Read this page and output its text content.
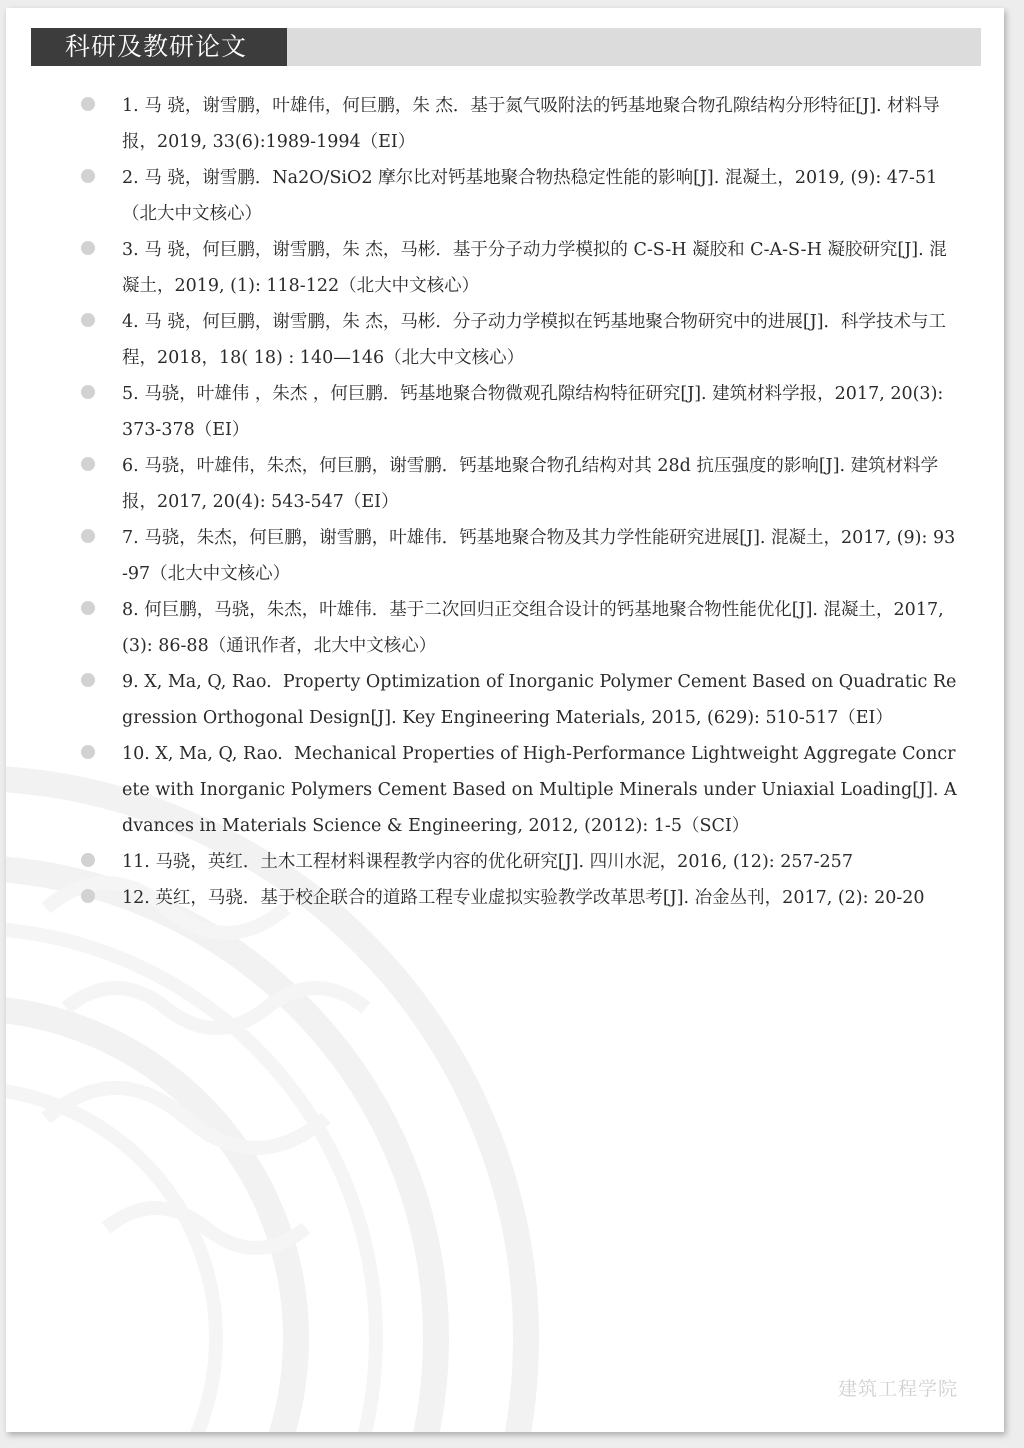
科研及教研论文
1. 马 骁，谢雪鹏，叶雄伟，何巨鹏，朱 杰．基于氮气吸附法的钙基地聚合物孔隙结构分形特征[J]. 材料导报，2019, 33(6):1989-1994（EI）
2. 马 骁，谢雪鹏．Na2O/SiO2 摩尔比对钙基地聚合物热稳定性能的影响[J]. 混凝土，2019, (9): 47-51（北大中文核心）
3. 马 骁，何巨鹏，谢雪鹏，朱 杰，马彬．基于分子动力学模拟的 C-S-H 凝胶和 C-A-S-H 凝胶研究[J]. 混凝土，2019, (1): 118-122（北大中文核心）
4. 马 骁，何巨鹏，谢雪鹏，朱 杰，马彬．分子动力学模拟在钙基地聚合物研究中的进展[J]．科学技术与工程，2018，18( 18) : 140—146（北大中文核心）
5. 马骁，叶雄伟 ，朱杰 ，何巨鹏．钙基地聚合物微观孔隙结构特征研究[J]. 建筑材料学报，2017, 20(3): 373-378（EI）
6. 马骁，叶雄伟，朱杰，何巨鹏，谢雪鹏．钙基地聚合物孔结构对其 28d 抗压强度的影响[J]. 建筑材料学报，2017, 20(4): 543-547（EI）
7. 马骁，朱杰，何巨鹏，谢雪鹏，叶雄伟．钙基地聚合物及其力学性能研究进展[J]. 混凝土，2017, (9): 93-97（北大中文核心）
8. 何巨鹏，马骁，朱杰，叶雄伟．基于二次回归正交组合设计的钙基地聚合物性能优化[J]. 混凝土，2017, (3): 86-88（通讯作者，北大中文核心）
9. X, Ma, Q, Rao.  Property Optimization of Inorganic Polymer Cement Based on Quadratic Regression Orthogonal Design[J]. Key Engineering Materials, 2015, (629): 510-517（EI）
10. X, Ma, Q, Rao.  Mechanical Properties of High-Performance Lightweight Aggregate Concrete with Inorganic Polymers Cement Based on Multiple Minerals under Uniaxial Loading[J]. Advances in Materials Science & Engineering, 2012, (2012): 1-5（SCI）
11. 马骁，英红．土木工程材料课程教学内容的优化研究[J]. 四川水泥，2016, (12): 257-257
12. 英红，马骁．基于校企联合的道路工程专业虚拟实验教学改革思考[J]. 冶金丛刊，2017, (2): 20-20
建筑工程学院
